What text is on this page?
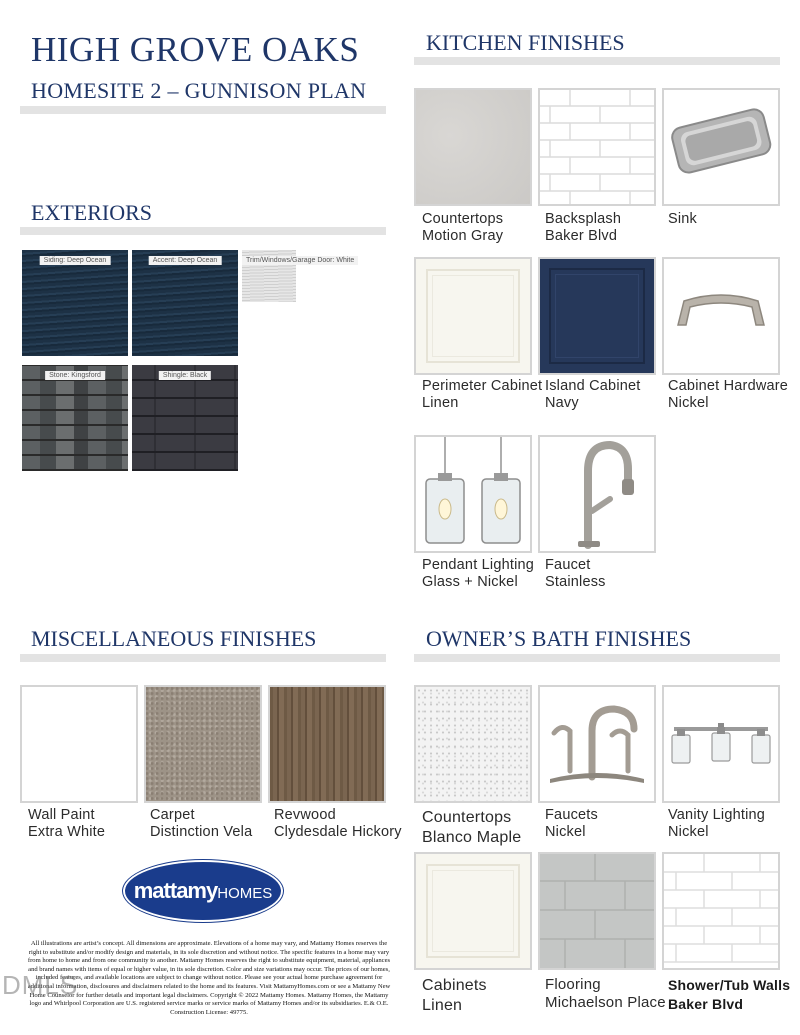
HIGH GROVE OAKS
HOMESITE 2 – GUNNISON PLAN
EXTERIORS
Siding: Deep Ocean	Accent: Deep Ocean	Trim/Windows/Garage Door: White
Stone: Kingsford	Shingle: Black
KITCHEN FINISHES
Countertops
Motion Gray
Backsplash
Baker Blvd
Sink
Perimeter Cabinet
Linen
Island Cabinet
Navy
Cabinet Hardware
Nickel
Pendant Lighting
Glass + Nickel
Faucet
Stainless
MISCELLANEOUS FINISHES
Wall Paint
Extra White
Carpet
Distinction Vela
Revwood
Clydesdale Hickory
mattamy HOMES
All illustrations are artist’s concept. All dimensions are approximate. Elevations of a home may vary, and Mattamy Homes reserves the right to substitute and/or modify design and materials, in its sole discretion and without notice. The specific features in a home may vary from home to home and from one community to another. Mattamy Homes reserves the right to substitute equipment, material, appliances and brand names with items of equal or higher value, in its sole discretion. Color and size variations may occur. The prices of our homes, included features, and available locations are subject to change without notice. Please see your actual home purchase agreement for additional information, disclosures and disclaimers related to the home and its features. Visit MattamyHomes.com or see a Mattamy New Home Counselor for further details and important legal disclaimers. Copyright © 2022 Mattamy Homes. Mattamy Homes, the Mattamy logo and Whirlpool Corporation are U.S. registered service marks or service marks of Mattamy Homes and/or its subsidiaries. E.& O.E. Construction License: 49775.
DMLS
OWNER’S BATH FINISHES
Countertops
Blanco Maple
Faucets
Nickel
Vanity Lighting
Nickel
Cabinets
Linen
Flooring
Michaelson Place
Shower/Tub Walls
Baker Blvd
